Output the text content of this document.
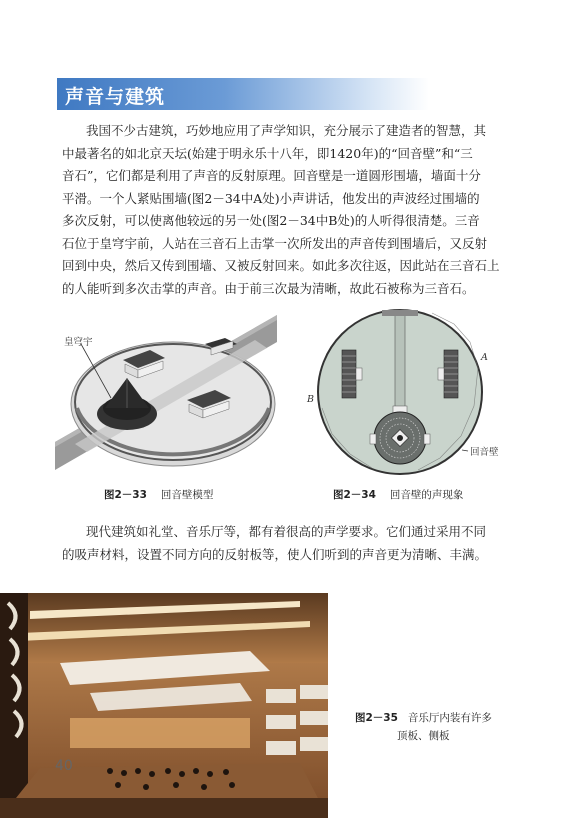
声音与建筑
我国不少古建筑，巧妙地应用了声学知识，充分展示了建造者的智慧，其
中最著名的如北京天坛(始建于明永乐十八年，即1420年)的“回音壁”和“三
音石”，它们都是利用了声音的反射原理。回音壁是一道圆形围墙，墙面十分
平滑。一个人紧贴围墙(图2－34中A处)小声讲话，他发出的声波经过围墙的
多次反射，可以使离他较远的另一处(图2－34中B处)的人听得很清楚。三音
石位于皇穹宇前，人站在三音石上击掌一次所发出的声音传到围墙后，又反射
回到中央，然后又传到围墙、又被反射回来。如此多次往返，因此站在三音石上
的人能听到多次击掌的声音。由于前三次最为清晰，故此石被称为三音石。
皇穹宇
图2－33 回音壁模型
A
B
回音壁
图2－34 回音壁的声现象
现代建筑如礼堂、音乐厅等，都有着很高的声学要求。它们通过采用不同
的吸声材料，设置不同方向的反射板等，使人们听到的声音更为清晰、丰满。
40
图2－35 音乐厅内装有许多
顶板、侧板
